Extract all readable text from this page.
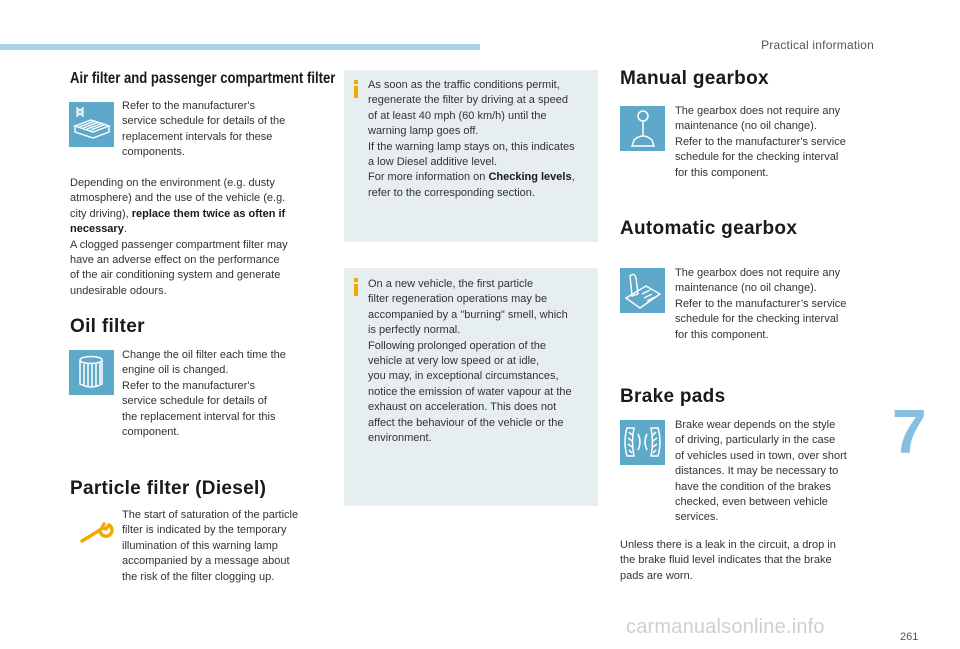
Practical information
7
261
carmanualsonline.info
Air filter and passenger compartment filter
Refer to the manufacturer's
service schedule for details of the
replacement intervals for these
components.
Depending on the environment (e.g. dusty
atmosphere) and the use of the vehicle (e.g.
city driving), replace them twice as often if
necessary.
A clogged passenger compartment filter may
have an adverse effect on the performance
of the air conditioning system and generate
undesirable odours.
Oil filter
Change the oil filter each time the
engine oil is changed.
Refer to the manufacturer's
service schedule for details of
the replacement interval for this
component.
Particle filter (Diesel)
The start of saturation of the particle
filter is indicated by the temporary
illumination of this warning lamp
accompanied by a message about
the risk of the filter clogging up.
As soon as the traffic conditions permit,
regenerate the filter by driving at a speed
of at least 40 mph (60 km/h) until the
warning lamp goes off.
If the warning lamp stays on, this indicates
a low Diesel additive level.
For more information on Checking levels,
refer to the corresponding section.
On a new vehicle, the first particle
filter regeneration operations may be
accompanied by a "burning" smell, which
is perfectly normal.
Following prolonged operation of the
vehicle at very low speed or at idle,
you may, in exceptional circumstances,
notice the emission of water vapour at the
exhaust on acceleration. This does not
affect the behaviour of the vehicle or the
environment.
Manual gearbox
The gearbox does not require any
maintenance (no oil change).
Refer to the manufacturer's service
schedule for the checking interval
for this component.
Automatic gearbox
The gearbox does not require any
maintenance (no oil change).
Refer to the manufacturer’s service
schedule for the checking interval
for this component.
Brake pads
Brake wear depends on the style
of driving, particularly in the case
of vehicles used in town, over short
distances. It may be necessary to
have the condition of the brakes
checked, even between vehicle
services.
Unless there is a leak in the circuit, a drop in
the brake fluid level indicates that the brake
pads are worn.
